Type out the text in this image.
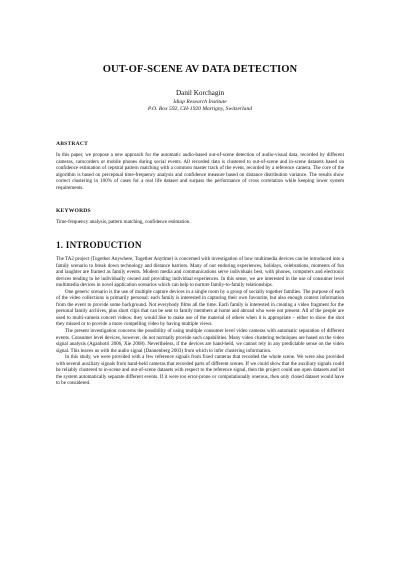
OUT-OF-SCENE AV DATA DETECTION
Danil Korchagin
Idiap Research Institute
P.O. Box 592, CH-1920 Martigny, Switzerland
ABSTRACT
In this paper, we propose a new approach for the automatic audio-based out-of-scene detection of audio-visual data, recorded by different cameras, camcorders or mobile phones during social events. All recorded data is clustered to out-of-scene and in-scene datasets based on confidence estimation of cepstral pattern matching with a common master track of the event, recorded by a reference camera. The core of the algorithm is based on perceptual time-frequency analysis and confidence measure based on distance distribution variance. The results show correct clustering in 100% of cases for a real life dataset and surpass the performance of cross correlation while keeping lower system requirements.
KEYWORDS
Time-frequency analysis, pattern matching, confidence estimation.
1. INTRODUCTION

The TA2 project (Together Anywhere, Together Anytime) is concerned with investigation of how multimedia devices can be introduced into a family scenario to break down technology and distance barriers. Many of our enduring experiences, holidays, celebrations, moments of fun and laughter are framed as family events. Modern media and communications serve individuals best, with phones, computers and electronic devices tending to be individually owned and providing individual experiences. In this sense, we are interested in the use of consumer level multimedia devices in novel application scenarios which can help to nurture family-to-family relationships.

One generic scenario is the use of multiple capture devices in a single room by a group of socially together families. The purpose of each of the video collections is primarily personal: each family is interested in capturing their own favourite, but also enough context information from the event to provide some background. Not everybody films all the time. Each family is interested in creating a video fragment for the personal family archives, plus short clips that can be sent to family members at home and abroad who were not present. All of the people are used to multi-camera concert videos: they would like to make use of the material of others when it is appropriate – either to show the shot they missed or to provide a more compelling video by having multiple views.

The present investigation concerns the possibility of using multiple consumer level video cameras with automatic separation of different events. Consumer level devices, however, do not normally provide such capabilities. Many video clustering techniques are based on the video signal analysis (Aganhotri 2006, Xie 2008). Nevertheless, if the devices are hand-held, we cannot rely in any predictable sense on the video signal. This leaves us with the audio signal (Dannenberg 2003) from which to infer clustering information.

In this study, we were provided with a few reference signals from fixed cameras that recorded the whole scene. We were also provided with several auxiliary signals from hand-held cameras that recorded parts of different scenes. If we could show that the auxiliary signals could be reliably clustered to in-scene and out-of-scene datasets with respect to the reference signal, then the project could use open datasets and let the system automatically separate different events. If it were too error-prone or computationally onerous, then only closed dataset would have to be considered.
